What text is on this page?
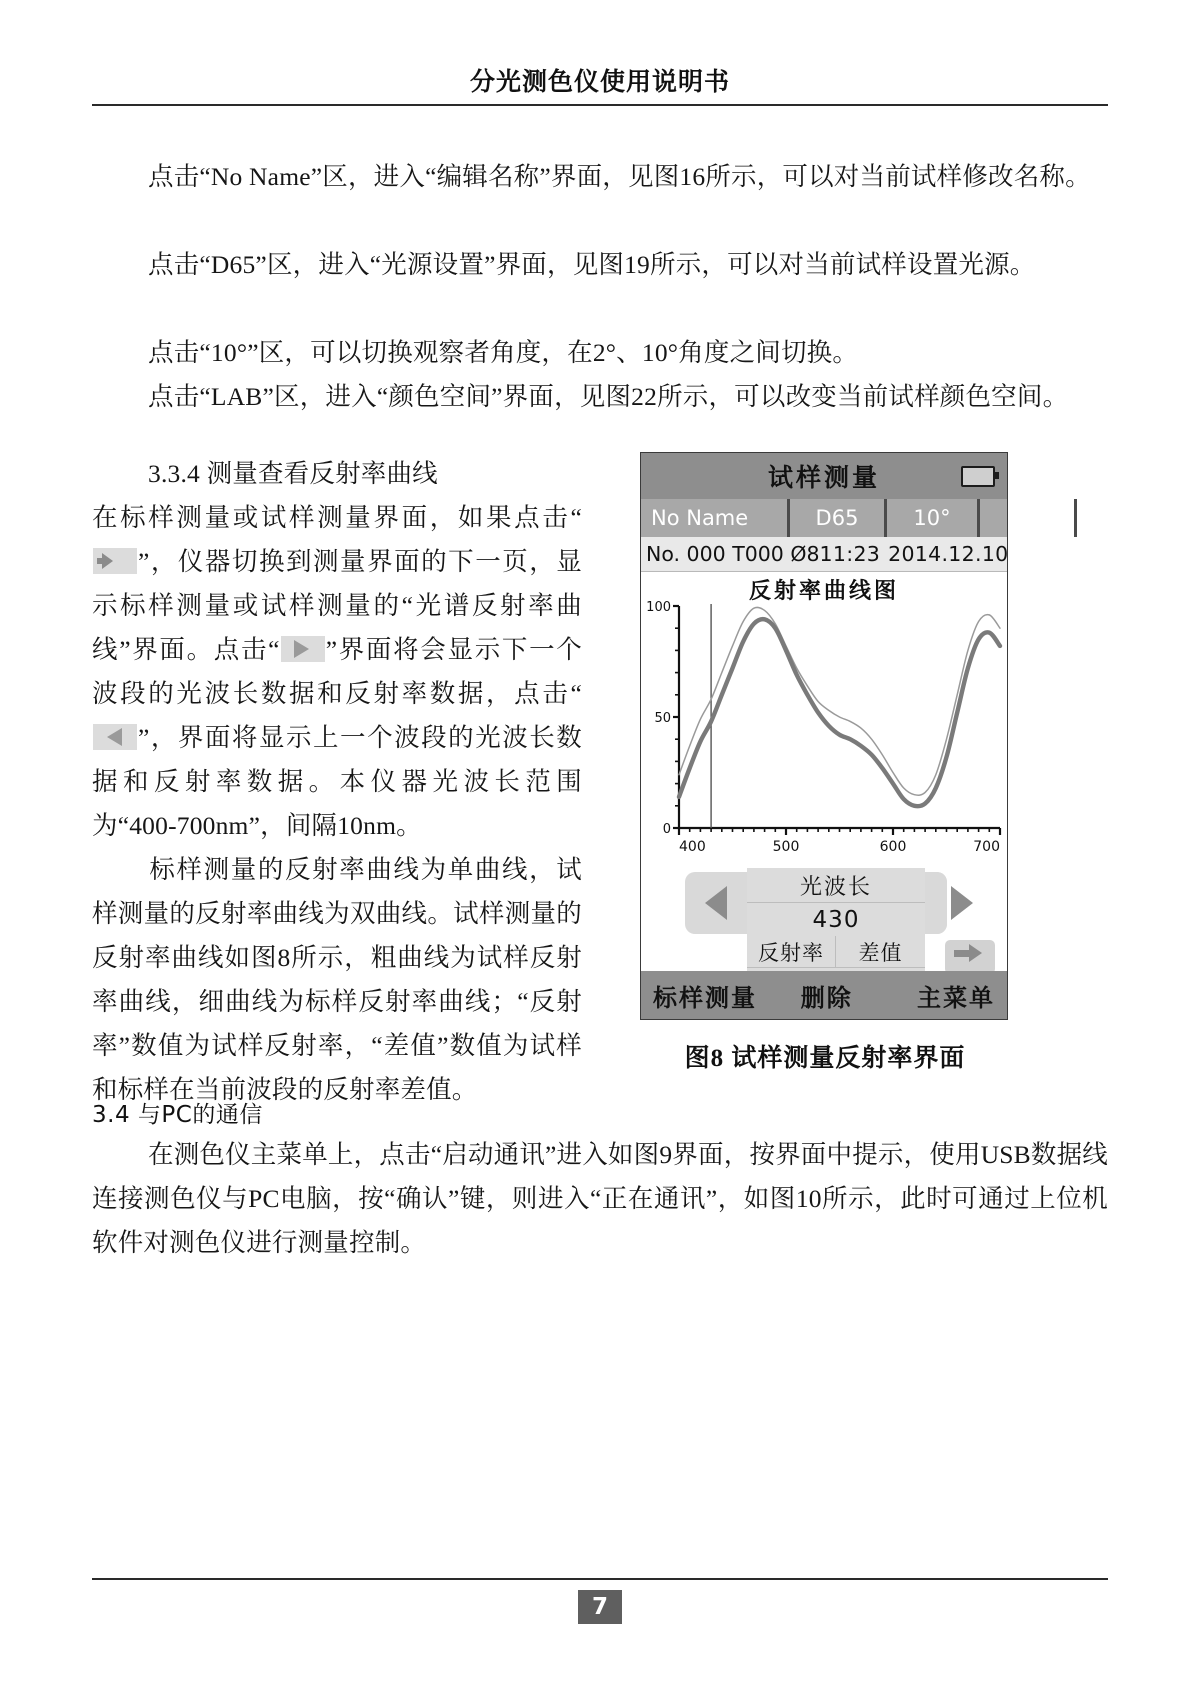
分光测色仪使用说明书
点击“No Name”区，进入“编辑名称”界面，见图16所示，可以对当前试样修改名称。
点击“D65”区，进入“光源设置”界面，见图19所示，可以对当前试样设置光源。
点击“10°”区，可以切换观察者角度，在2°、10°角度之间切换。
点击“LAB”区，进入“颜色空间”界面，见图22所示，可以改变当前试样颜色空间。
3.3.4 测量查看反射率曲线
在标样测量或试样测量界面，如果点击“
”，仪器切换到测量界面的下一页，显示标样测量或试样测量的“光谱反射率曲线”界面。点击“ ”界面将会显示下一个波段的光波长数据和反射率数据，点击“
”，界面将显示上一个波段的光波长数据和反射率数据。本仪器光波长范围为“400-700nm”，间隔10nm。
标样测量的反射率曲线为单曲线，试样测量的反射率曲线为双曲线。试样测量的反射率曲线如图8所示，粗曲线为试样反射率曲线，细曲线为标样反射率曲线；“反射率”数值为试样反射率，“差值”数值为试样和标样在当前波段的反射率差值。
试样测量
No Name	D65	10°	LAB
No. 000 T000 Ø8 11:23 2014.12.10
反射率曲线图
0
50
100
400	500	600	700
光波长
430
反射率	差值
标样测量	删除	主菜单
图8 试样测量反射率界面
3.4 与PC的通信
在测色仪主菜单上，点击“启动通讯”进入如图9界面，按界面中提示，使用USB数据线连接测色仪与PC电脑，按“确认”键，则进入“正在通讯”，如图10所示，此时可通过上位机软件对测色仪进行测量控制。
7
